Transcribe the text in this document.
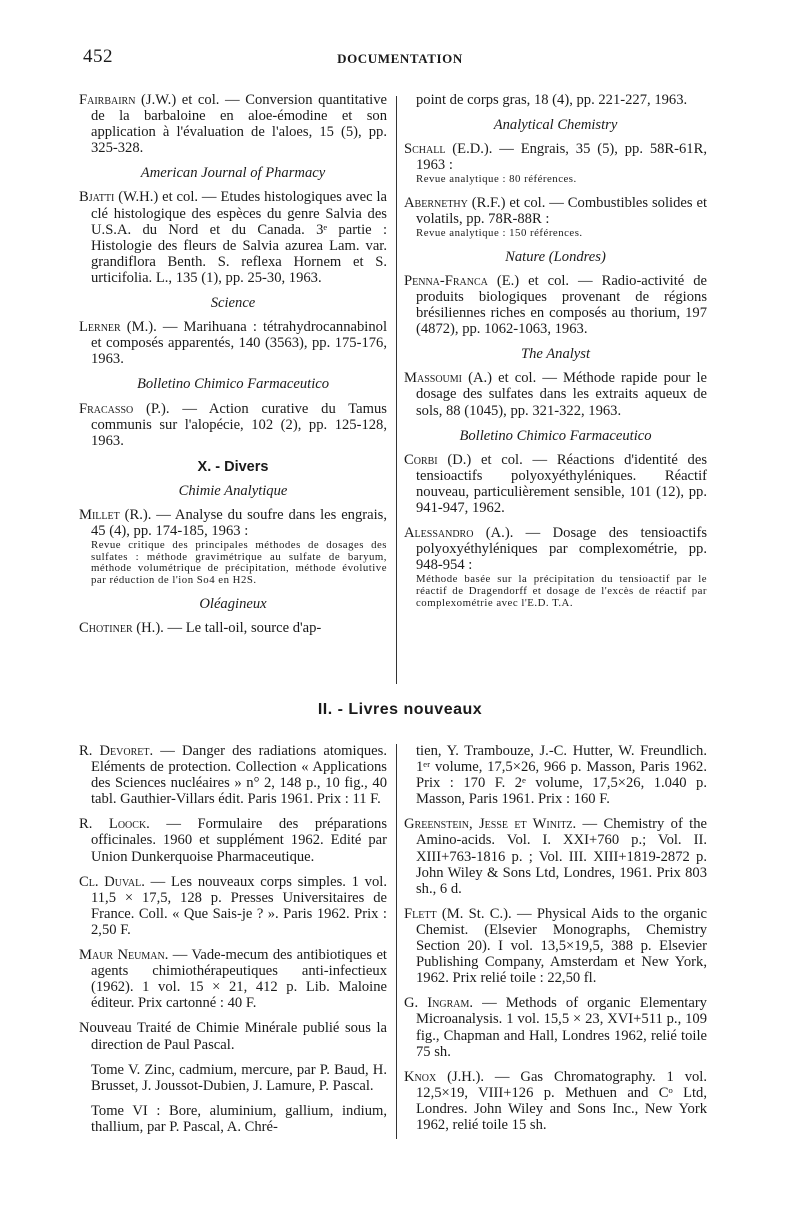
452	DOCUMENTATION
Fairbairn (J.W.) et col. — Conversion quantitative de la barbaloine en aloe-émodine et son application à l'évaluation de l'aloes, 15 (5), pp. 325-328.
American Journal of Pharmacy
Bjatti (W.H.) et col. — Etudes histologiques avec la clé histologique des espèces du genre Salvia des U.S.A. du Nord et du Canada. 3ᵉ partie : Histologie des fleurs de Salvia azurea Lam. var. grandiflora Benth. S. reflexa Hornem et S. urticifolia. L., 135 (1), pp. 25-30, 1963.
Science
Lerner (M.). — Marihuana : tétrahydrocannabinol et composés apparentés, 140 (3563), pp. 175-176, 1963.
Bolletino Chimico Farmaceutico
Fracasso (P.). — Action curative du Tamus communis sur l'alopécie, 102 (2), pp. 125-128, 1963.
X. - Divers
Chimie Analytique
Millet (R.). — Analyse du soufre dans les engrais, 45 (4), pp. 174-185, 1963 :
Revue critique des principales méthodes de dosages des sulfates : méthode gravimétrique au sulfate de baryum, méthode volumétrique de précipitation, méthode évolutive par réduction de l'ion So4 en H2S.
Oléagineux
Chotiner (H.). — Le tall-oil, source d'ap-
point de corps gras, 18 (4), pp. 221-227, 1963.
Analytical Chemistry
Schall (E.D.). — Engrais, 35 (5), pp. 58R-61R, 1963 :
Revue analytique : 80 références.
Abernethy (R.F.) et col. — Combustibles solides et volatils, pp. 78R-88R :
Revue analytique : 150 références.
Nature (Londres)
Penna-Franca (E.) et col. — Radio-activité de produits biologiques provenant de régions brésiliennes riches en composés au thorium, 197 (4872), pp. 1062-1063, 1963.
The Analyst
Massoumi (A.) et col. — Méthode rapide pour le dosage des sulfates dans les extraits aqueux de sols, 88 (1045), pp. 321-322, 1963.
Bolletino Chimico Farmaceutico
Corbi (D.) et col. — Réactions d'identité des tensioactifs polyoxyéthyléniques. Réactif nouveau, particulièrement sensible, 101 (12), pp. 941-947, 1962.
Alessandro (A.). — Dosage des tensioactifs polyoxyéthyléniques par complexométrie, pp. 948-954 :
Méthode basée sur la précipitation du tensioactif par le réactif de Dragendorff et dosage de l'excès de réactif par complexométrie avec l'E.D. T.A.
II. - Livres nouveaux
R. Devoret. — Danger des radiations atomiques. Eléments de protection. Collection « Applications des Sciences nucléaires » n° 2, 148 p., 10 fig., 40 tabl. Gauthier-Villars édit. Paris 1961. Prix : 11 F.
R. Loock. — Formulaire des préparations officinales. 1960 et supplément 1962. Edité par Union Dunkerquoise Pharmaceutique.
Cl. Duval. — Les nouveaux corps simples. 1 vol. 11,5 × 17,5, 128 p. Presses Universitaires de France. Coll. « Que Sais-je ? ». Paris 1962. Prix : 2,50 F.
Maur Neuman. — Vade-mecum des antibiotiques et agents chimiothérapeutiques anti-infectieux (1962). 1 vol. 15 × 21, 412 p. Lib. Maloine éditeur. Prix cartonné : 40 F.
Nouveau Traité de Chimie Minérale publié sous la direction de Paul Pascal.
Tome V. Zinc, cadmium, mercure, par P. Baud, H. Brusset, J. Joussot-Dubien, J. Lamure, P. Pascal.
Tome VI : Bore, aluminium, gallium, indium, thallium, par P. Pascal, A. Chré-
tien, Y. Trambouze, J.-C. Hutter, W. Freundlich. 1ᵉʳ volume, 17,5×26, 966 p. Masson, Paris 1962. Prix : 170 F. 2ᵉ volume, 17,5×26, 1.040 p. Masson, Paris 1961. Prix : 160 F.
Greenstein, Jesse et Winitz. — Chemistry of the Amino-acids. Vol. I. XXI+760 p.; Vol. II. XIII+763-1816 p. ; Vol. III. XIII+1819-2872 p. John Wiley & Sons Ltd, Londres, 1961. Prix 803 sh., 6 d.
Flett (M. St. C.). — Physical Aids to the organic Chemist. (Elsevier Monographs, Chemistry Section 20). I vol. 13,5×19,5, 388 p. Elsevier Publishing Company, Amsterdam et New York, 1962. Prix relié toile : 22,50 fl.
G. Ingram. — Methods of organic Elementary Microanalysis. 1 vol. 15,5 × 23, XVI+511 p., 109 fig., Chapman and Hall, Londres 1962, relié toile 75 sh.
Knox (J.H.). — Gas Chromatography. 1 vol. 12,5×19, VIII+126 p. Methuen and Cᵒ Ltd, Londres. John Wiley and Sons Inc., New York 1962, relié toile 15 sh.
